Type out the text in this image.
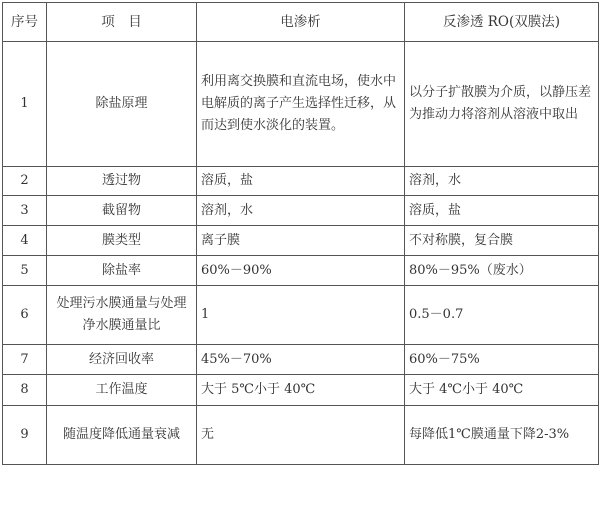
序号	项　目	电渗析	反渗透 RO(双膜法)
1	除盐原理	利用离交换膜和直流电场，使水中电解质的离子产生选择性迁移，从而达到使水淡化的装置。	以分子扩散膜为介质，以静压差为推动力将溶剂从溶液中取出
2	透过物	溶质，盐	溶剂，水
3	截留物	溶剂，水	溶质，盐
4	膜类型	离子膜	不对称膜，复合膜
5	除盐率	60%－90%	80%－95%（废水）
6	处理污水膜通量与处理净水膜通量比	1	0.5－0.7
7	经济回收率	45%－70%	60%－75%
8	工作温度	大于 5℃小于 40℃	大于 4℃小于 40℃
9	随温度降低通量衰减	无	每降低1℃膜通量下降2-3%
